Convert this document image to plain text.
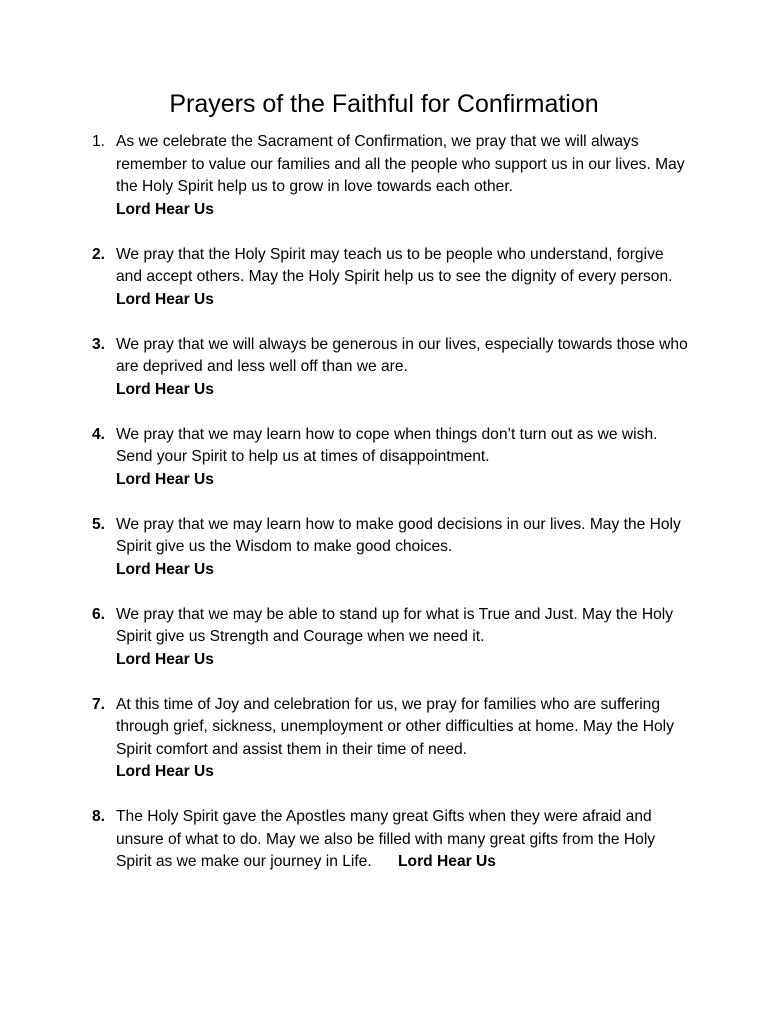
Prayers of the Faithful for Confirmation
1. As we celebrate the Sacrament of Confirmation, we pray that we will always remember to value our families and all the people who support us in our lives. May the Holy Spirit help us to grow in love towards each other.
Lord Hear Us
2. We pray that the Holy Spirit may teach us to be people who understand, forgive and accept others. May the Holy Spirit help us to see the dignity of every person.
Lord Hear Us
3. We pray that we will always be generous in our lives, especially towards those who are deprived and less well off than we are.
Lord Hear Us
4. We pray that we may learn how to cope when things don’t turn out as we wish. Send your Spirit to help us at times of disappointment.
Lord Hear Us
5. We pray that we may learn how to make good decisions in our lives. May the Holy Spirit give us the Wisdom to make good choices.
Lord Hear Us
6. We pray that we may be able to stand up for what is True and Just. May the Holy Spirit give us Strength and Courage when we need it.
Lord Hear Us
7. At this time of Joy and celebration for us, we pray for families who are suffering through grief, sickness, unemployment or other difficulties at home. May the Holy Spirit comfort and assist them in their time of need.
Lord Hear Us
8. The Holy Spirit gave the Apostles many great Gifts when they were afraid and unsure of what to do. May we also be filled with many great gifts from the Holy Spirit as we make our journey in Life. Lord Hear Us
